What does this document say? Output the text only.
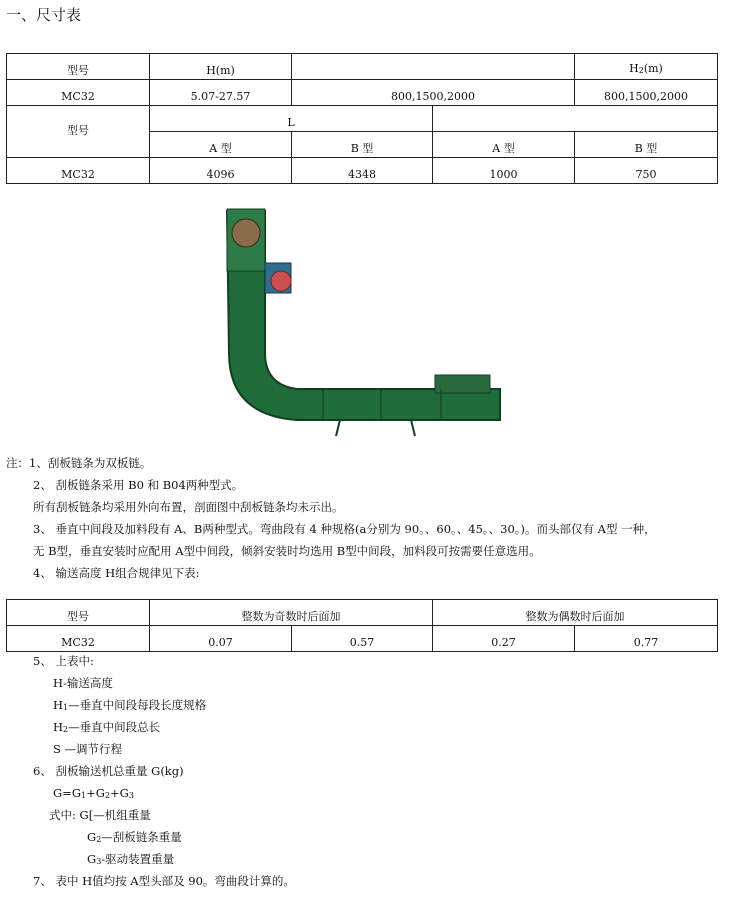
一、尺寸表
型号	H(m)			H2(m)
MC32	5.07-27.57	800,1500,2000		800,1500,2000
型号	L			
	A 型	B 型	A 型	B 型
MC32	4096	4348	1000	750
注：1、刮板链条为双板链。
2、 刮板链条采用 B0 和 B04两种型式。
所有刮板链条均采用外向布置，剖面图中刮板链条均未示出。
3、 垂直中间段及加料段有 A、B两种型式。弯曲段有 4 种规格(a分别为 90。、60。、45。、30。)。而头部仅有 A型 一种，
无 B型，垂直安装时应配用 A型中间段，倾斜安装时均选用 B型中间段，加料段可按需要任意选用。
4、 输送高度 H组合规律见下表:
型号	整数为奇数时后面加		整数为偶数时后面加	
MC32	0.07	0.57	0.27	0.77
5、 上表中:
H-输送高度
H1—垂直中间段每段长度规格
H2—垂直中间段总长
S —调节行程
6、 刮板输送机总重量 G(kg)
G=G1+G2+G3
式中: G[—机组重量
G2—刮板链条重量
G3-驱动装置重量
7、 表中 H值均按 A型头部及 90。弯曲段计算的。
